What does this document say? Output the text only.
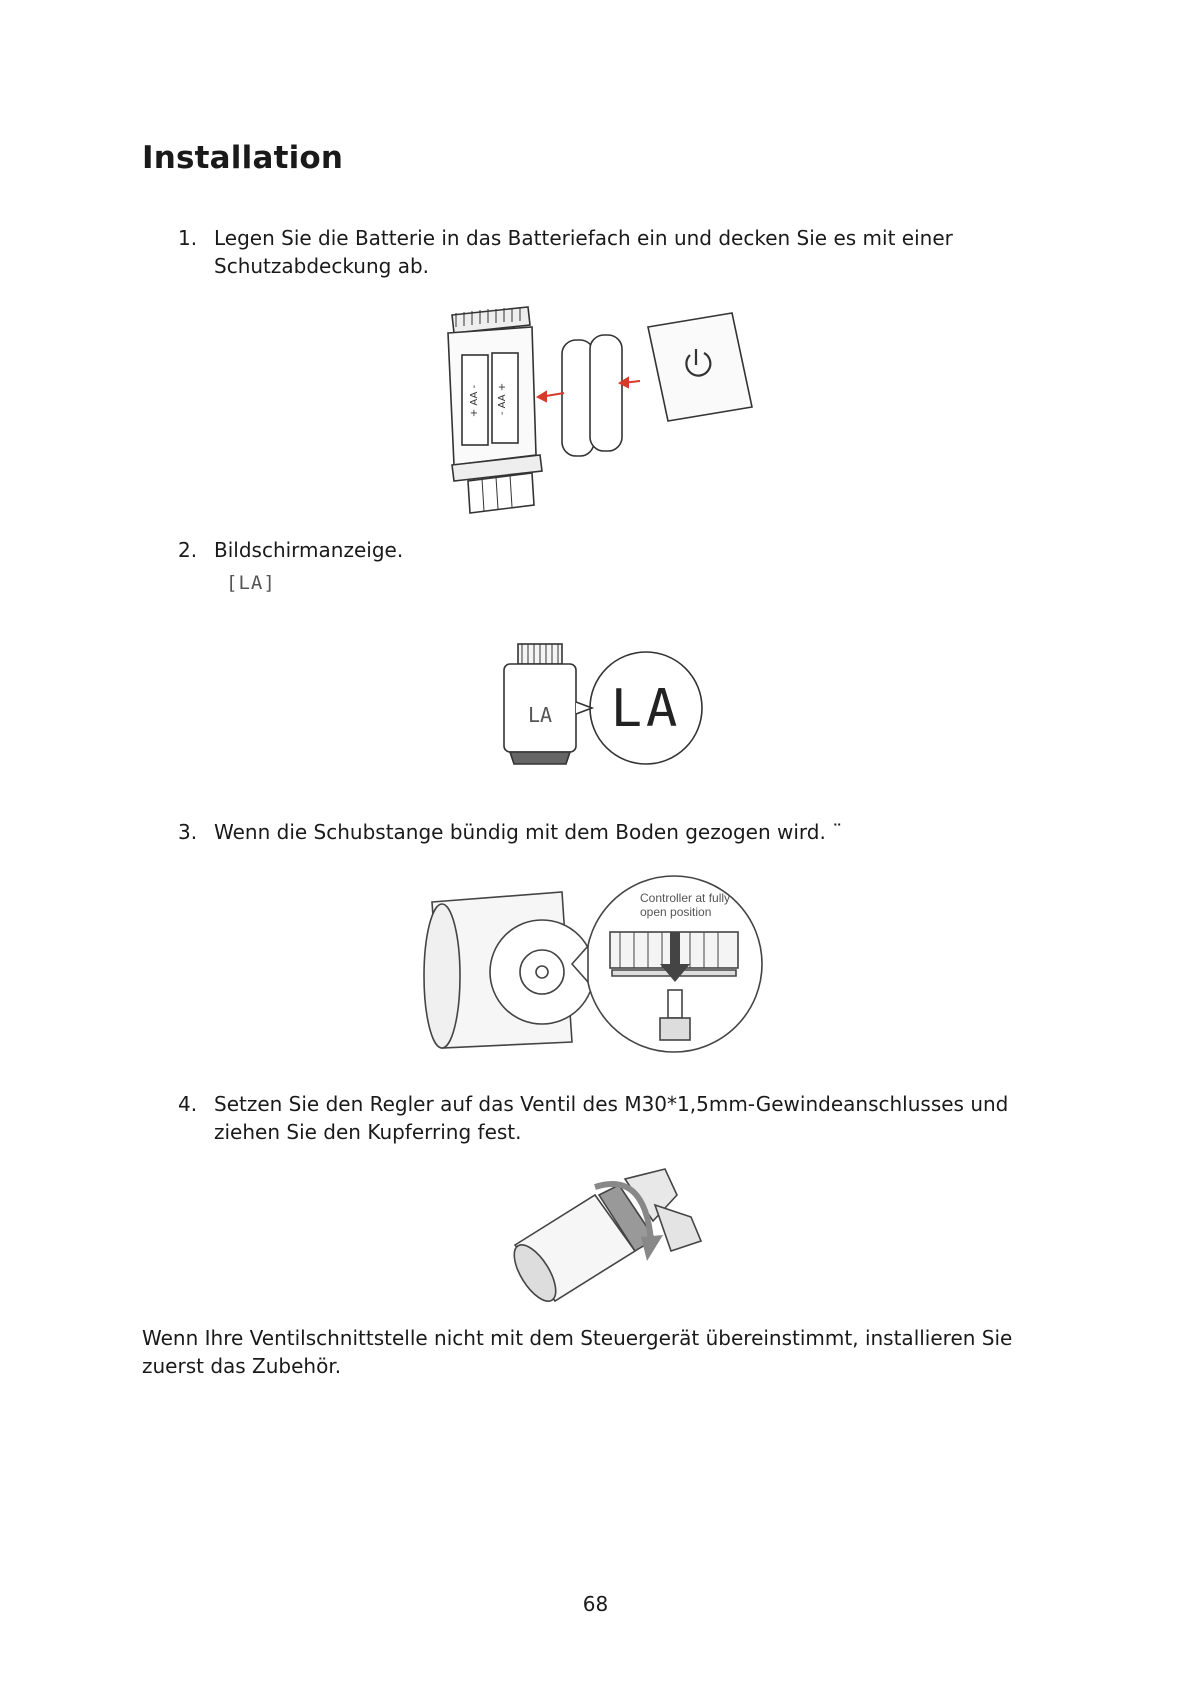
Installation
1. Legen Sie die Batterie in das Batteriefach ein und decken Sie es mit einer Schutzabdeckung ab.
+ AA - - AA +
2. Bildschirmanzeige.
[LA]
LA LA
3. Wenn die Schubstange bündig mit dem Boden gezogen wird. ¨
Controller at fully
open position
4. Setzen Sie den Regler auf das Ventil des M30*1,5mm-Gewindeanschlusses und ziehen Sie den Kupferring fest.
Wenn Ihre Ventilschnittstelle nicht mit dem Steuergerät übereinstimmt, installieren Sie zuerst das Zubehör.
68
